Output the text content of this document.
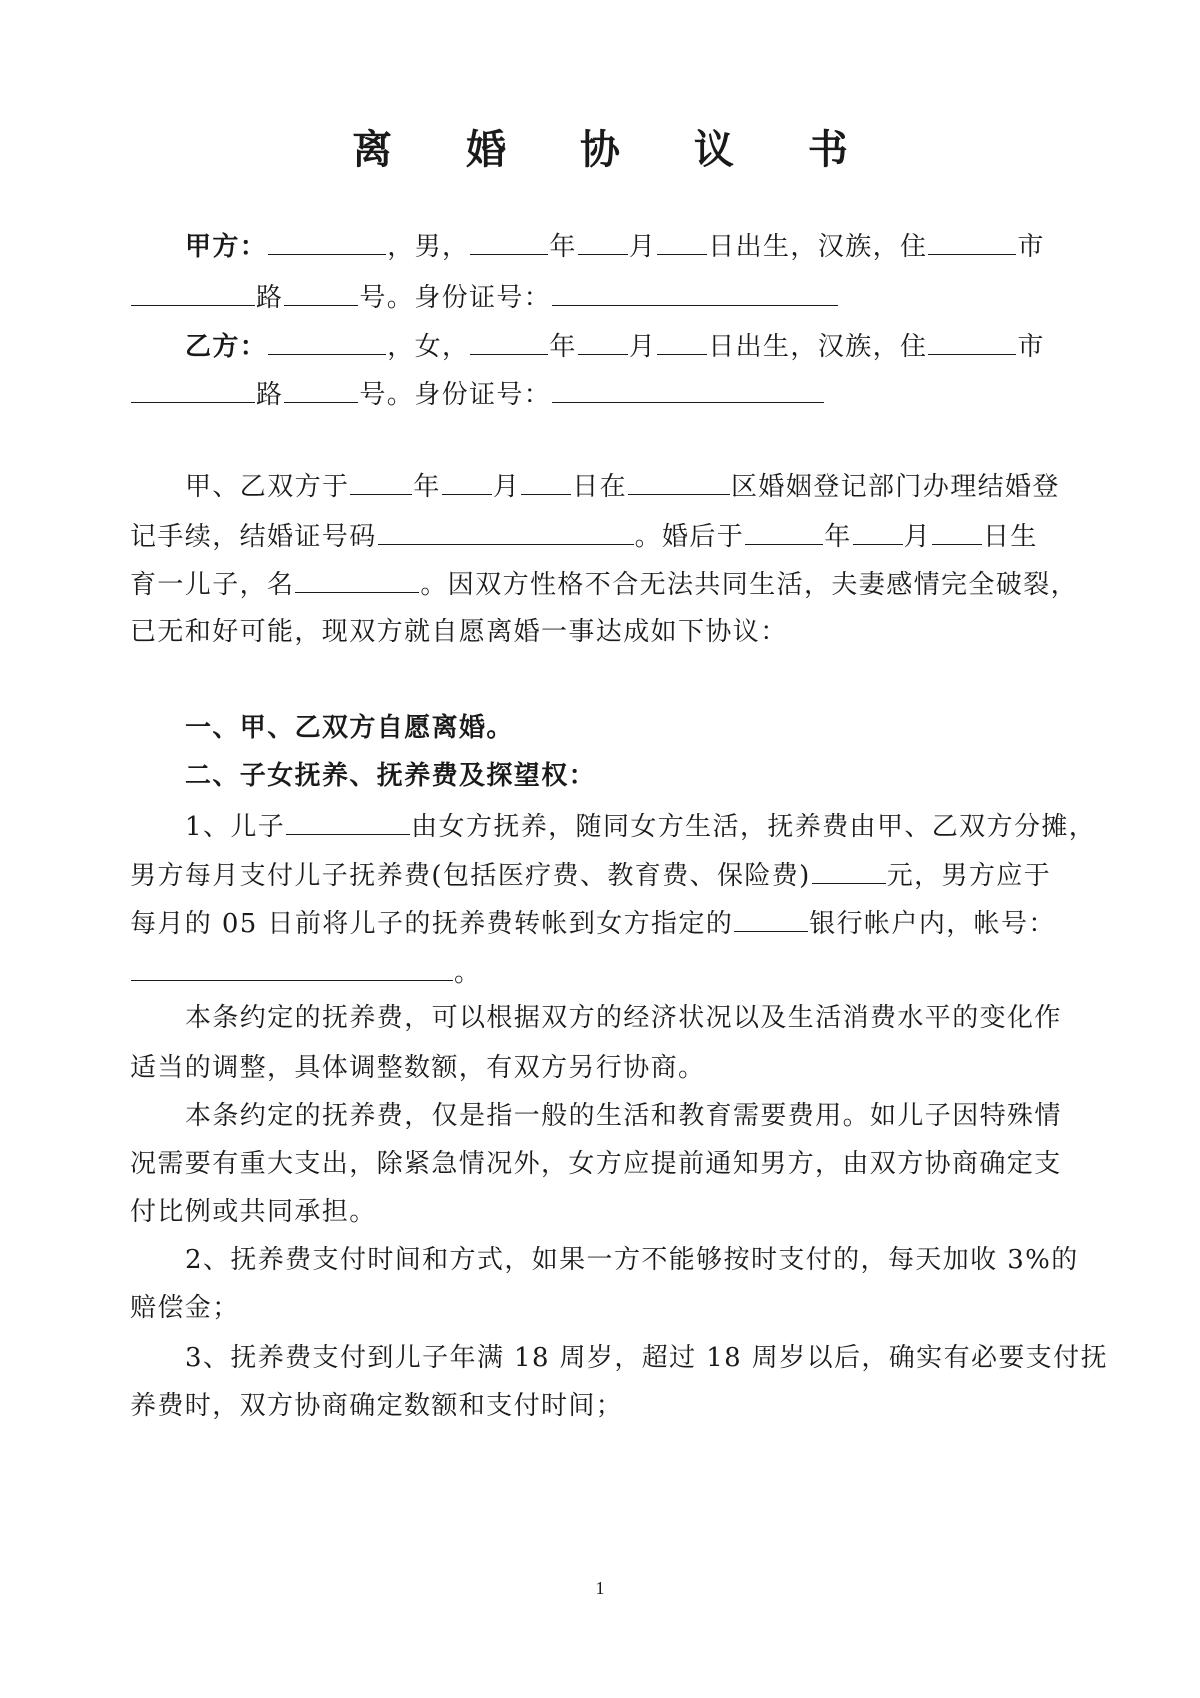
离 婚 协 议 书
甲方：	，男，	年 月 日出生，汉族，住	市
路	号。身份证号：
乙方：	，女，	年 月 日出生，汉族，住	市
路	号。身份证号：
甲、乙双方于 年 月 日在	区婚姻登记部门办理结婚登
记手续，结婚证号码	。婚后于	年 月 日生
育一儿子，名	。因双方性格不合无法共同生活，夫妻感情完全破裂，
已无和好可能，现双方就自愿离婚一事达成如下协议：
一、甲、乙双方自愿离婚。
二、子女抚养、抚养费及探望权：
1、儿子	由女方抚养，随同女方生活，抚养费由甲、乙双方分摊，
男方每月支付儿子抚养费(包括医疗费、教育费、保险费)	元，男方应于
每月的 05 日前将儿子的抚养费转帐到女方指定的	银行帐户内，帐号：
。
本条约定的抚养费，可以根据双方的经济状况以及生活消费水平的变化作
适当的调整，具体调整数额，有双方另行协商。
本条约定的抚养费，仅是指一般的生活和教育需要费用。如儿子因特殊情
况需要有重大支出，除紧急情况外，女方应提前通知男方，由双方协商确定支
付比例或共同承担。
2、抚养费支付时间和方式，如果一方不能够按时支付的，每天加收 3%的
赔偿金；
3、抚养费支付到儿子年满 18 周岁，超过 18 周岁以后，确实有必要支付抚
养费时，双方协商确定数额和支付时间；
1
